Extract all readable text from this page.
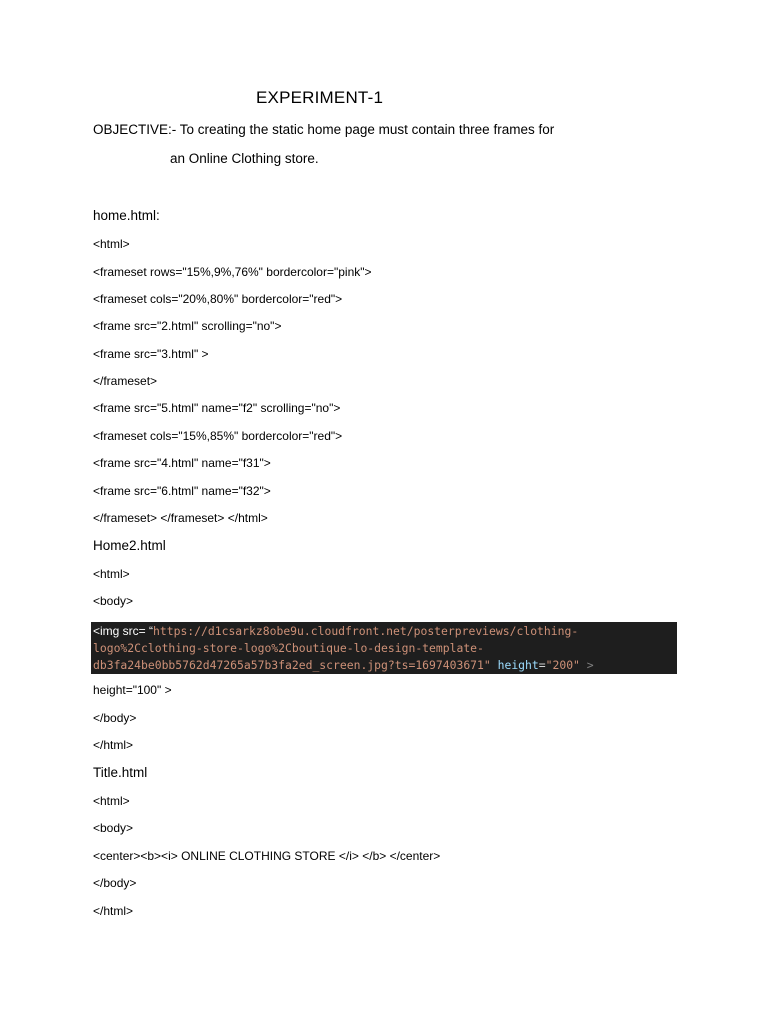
EXPERIMENT-1
OBJECTIVE:- To creating the static home page must contain three frames for
an Online Clothing store.
home.html:
<html>
<frameset rows="15%,9%,76%" bordercolor="pink">
<frameset cols="20%,80%" bordercolor="red">
<frame src="2.html" scrolling="no">
<frame src="3.html" >
</frameset>
<frame src="5.html" name="f2" scrolling="no">
<frameset cols="15%,85%" bordercolor="red">
<frame src="4.html" name="f31">
<frame src="6.html" name="f32">
</frameset> </frameset> </html>
Home2.html
<html>
<body>
height="100" >
</body>
</html>
Title.html
<html>
<body>
<center><b><i> ONLINE CLOTHING STORE </i> </b> </center>
</body>
</html>
<img src= “https://d1csarkz8obe9u.cloudfront.net/posterpreviews/clothing-
logo%2Cclothing-store-logo%2Cboutique-lo-design-template-
db3fa24be0bb5762d47265a57b3fa2ed_screen.jpg?ts=1697403671" height="200" >
